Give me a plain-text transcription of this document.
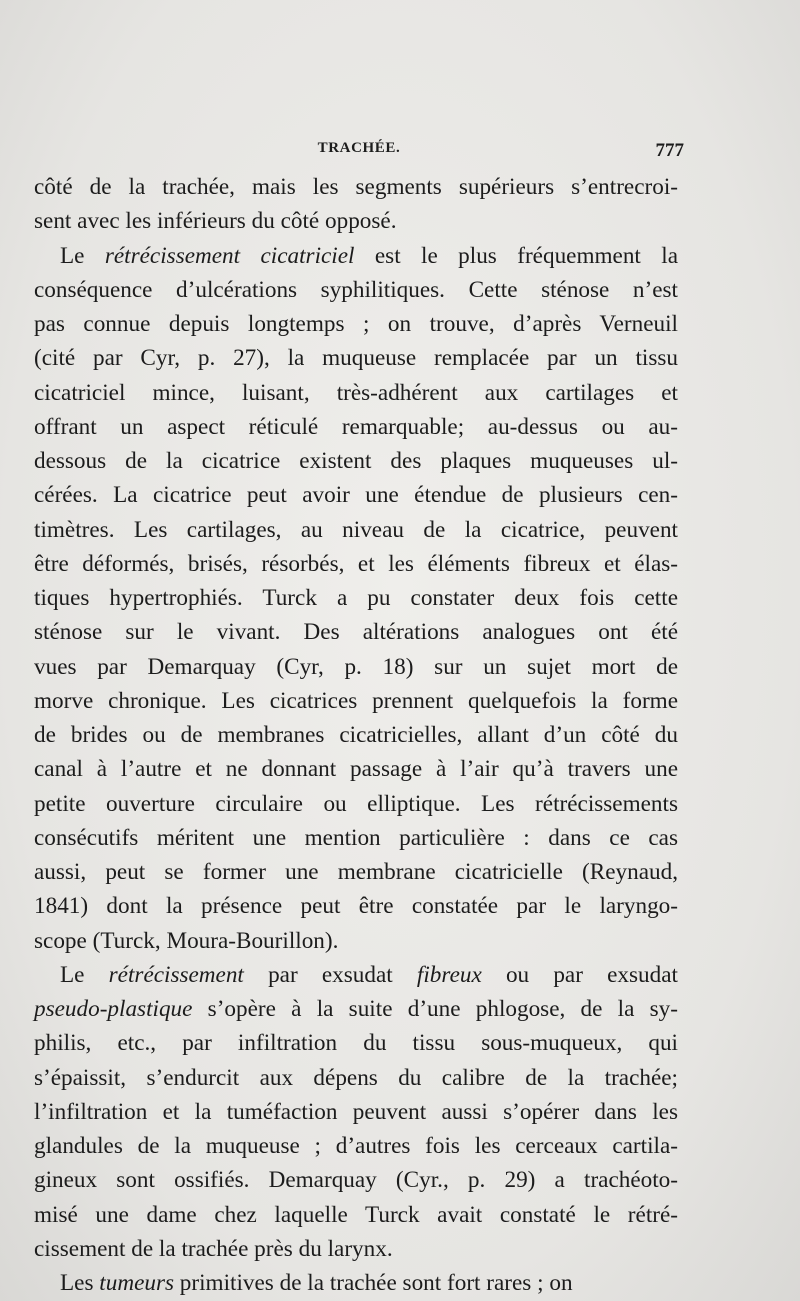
TRACHÉE.	777
côté de la trachée, mais les segments supérieurs s’entrecroi-
sent avec les inférieurs du côté opposé.
Le rétrécissement cicatriciel est le plus fréquemment la
conséquence d’ulcérations syphilitiques. Cette sténose n’est
pas connue depuis longtemps ; on trouve, d’après Verneuil
(cité par Cyr, p. 27), la muqueuse remplacée par un tissu
cicatriciel mince, luisant, très-adhérent aux cartilages et
offrant un aspect réticulé remarquable; au-dessus ou au-
dessous de la cicatrice existent des plaques muqueuses ul-
cérées. La cicatrice peut avoir une étendue de plusieurs cen-
timètres. Les cartilages, au niveau de la cicatrice, peuvent
être déformés, brisés, résorbés, et les éléments fibreux et élas-
tiques hypertrophiés. Turck a pu constater deux fois cette
sténose sur le vivant. Des altérations analogues ont été
vues par Demarquay (Cyr, p. 18) sur un sujet mort de
morve chronique. Les cicatrices prennent quelquefois la forme
de brides ou de membranes cicatricielles, allant d’un côté du
canal à l’autre et ne donnant passage à l’air qu’à travers une
petite ouverture circulaire ou elliptique. Les rétrécissements
consécutifs méritent une mention particulière : dans ce cas
aussi, peut se former une membrane cicatricielle (Reynaud,
1841) dont la présence peut être constatée par le laryngo-
scope (Turck, Moura-Bourillon).
Le rétrécissement par exsudat fibreux ou par exsudat
pseudo-plastique s’opère à la suite d’une phlogose, de la sy-
philis, etc., par infiltration du tissu sous-muqueux, qui
s’épaissit, s’endurcit aux dépens du calibre de la trachée;
l’infiltration et la tuméfaction peuvent aussi s’opérer dans les
glandules de la muqueuse ; d’autres fois les cerceaux cartila-
gineux sont ossifiés. Demarquay (Cyr., p. 29) a trachéoto-
misé une dame chez laquelle Turck avait constaté le rétré-
cissement de la trachée près du larynx.
Les tumeurs primitives de la trachée sont fort rares ; on
